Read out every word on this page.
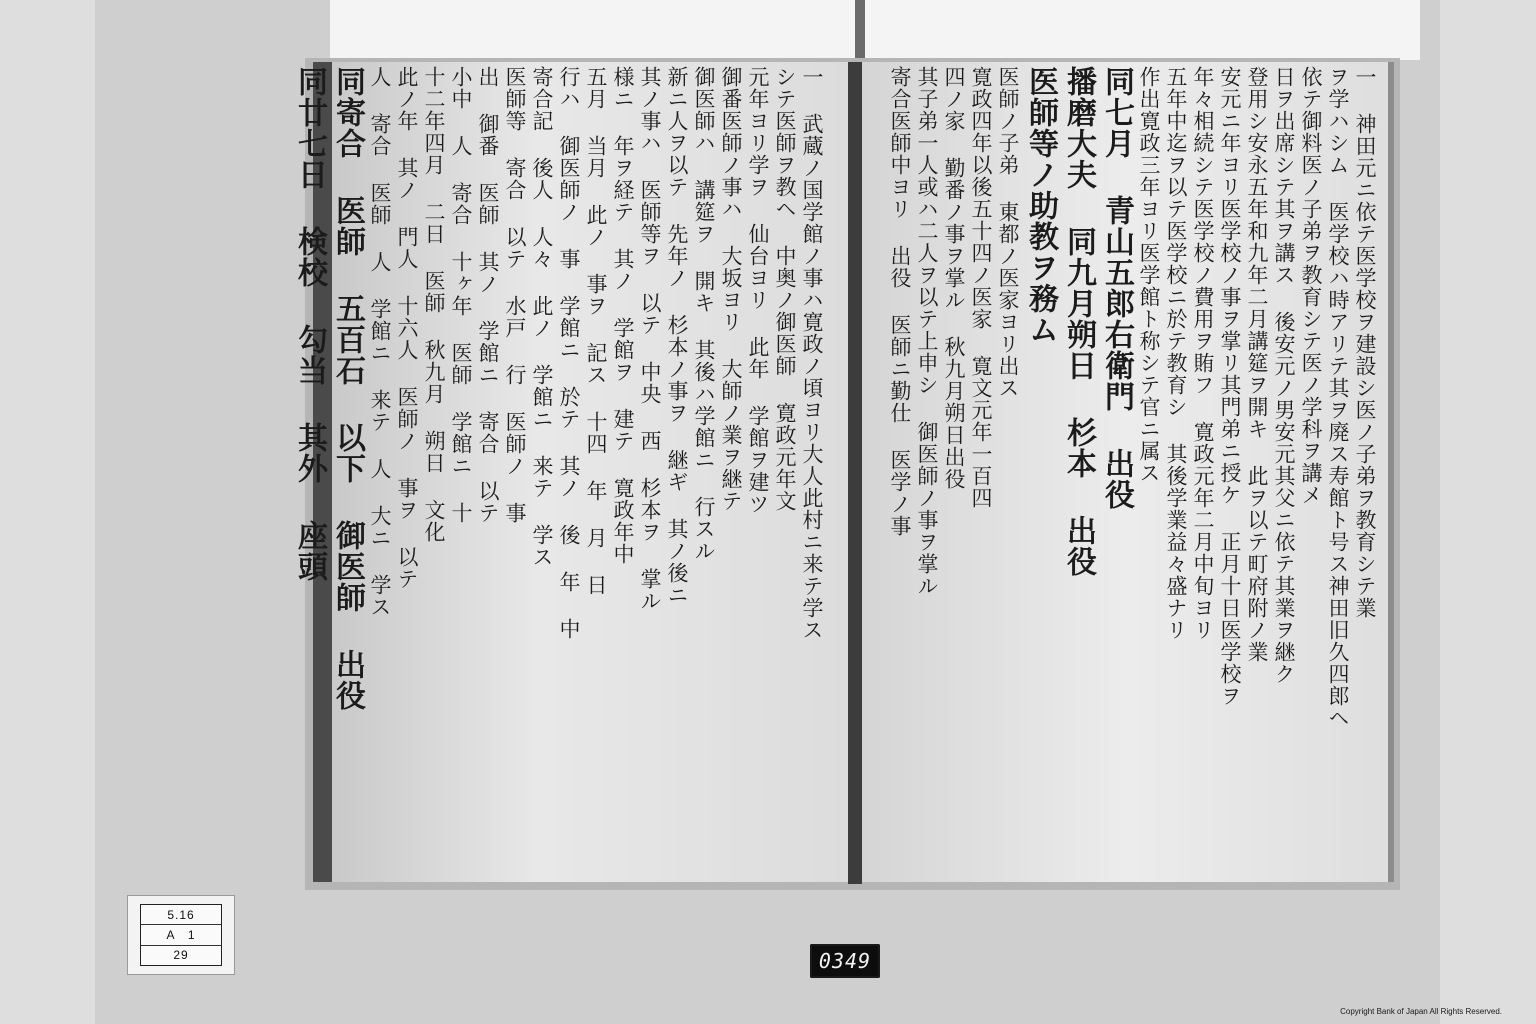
一 神田元ニ依テ医学校ヲ建設シ医ノ子弟ヲ教育シテ業
ヲ学ハシム 医学校ハ時アリテ其ヲ廃ス寿館ト号ス神田旧久四郎ヘ
依テ御料医ノ子弟ヲ教育シテ医ノ学科ヲ講メ
日ヲ出席シテ其ヲ講ス 後安元ノ男安元其父ニ依テ其業ヲ継ク
登用シ安永五年和九年二月講筵ヲ開キ 此ヲ以テ町府附ノ業
安元ニ年ヨリ医学校ノ事ヲ掌リ其門弟ニ授ケ 正月十日医学校ヲ
年々相続シテ医学校ノ費用ヲ賄フ 寛政元年二月中旬ヨリ
五年中迄ヲ以テ医学校ニ於テ教育シ 其後学業益々盛ナリ
作出寛政三年ヨリ医学館ト称シテ官ニ属ス
同七月 青山五郎右衛門 出役
播磨大夫 同九月朔日 杉本 出役
医師等ノ助教ヲ務ム
医師ノ子弟 東都ノ医家ヨリ出ス
寛政四年以後五十四ノ医家 寛文元年一百四
四ノ家 勤番ノ事ヲ掌ル 秋九月朔日出役
其子弟一人或ハ二人ヲ以テ上申シ 御医師ノ事ヲ掌ル
寄合医師中ヨリ 出役 医師ニ勤仕 医学ノ事
一 武蔵ノ国学館ノ事ハ寛政ノ頃ヨリ大人此村ニ来テ学ス
シテ医師ヲ教ヘ 中奥ノ御医師 寛政元年文
元年ヨリ学ヲ 仙台ヨリ 此年 学館ヲ建ツ
御番医師ノ事ハ 大坂ヨリ 大師ノ業ヲ継テ
御医師ハ 講筵ヲ 開キ 其後ハ学館ニ 行スル
新ニ人ヲ以テ 先年ノ 杉本ノ事ヲ 継ギ 其ノ後ニ
其ノ事ハ 医師等ヲ 以テ 中央 西 杉本ヲ 掌ル
様ニ 年ヲ経テ 其ノ 学館ヲ 建テ 寛政年中
五月 当月 此ノ 事ヲ 記ス 十四 年 月 日
行ハ 御医師ノ 事 学館ニ 於テ 其ノ 後 年 中
寄合記 後人 人々 此ノ 学館ニ 来テ 学ス
医師等 寄合 以テ 水戸 行 医師ノ 事
出 御番 医師 其ノ 学館ニ 寄合 以テ
小中 人 寄合 十ヶ年 医師 学館ニ 十
十二年四月 二日 医師 秋九月 朔日 文化
此ノ年 其ノ 門人 十六人 医師ノ 事ヲ 以テ
人 寄合 医師 人 学館ニ 来テ 人 大ニ 学ス
同寄合 医師 五百石 以下 御医師 出役
同廿七日 検校 勾当 其外 座頭
5.16
A　1
29	0349
Copyright Bank of Japan All Rights Reserved.
